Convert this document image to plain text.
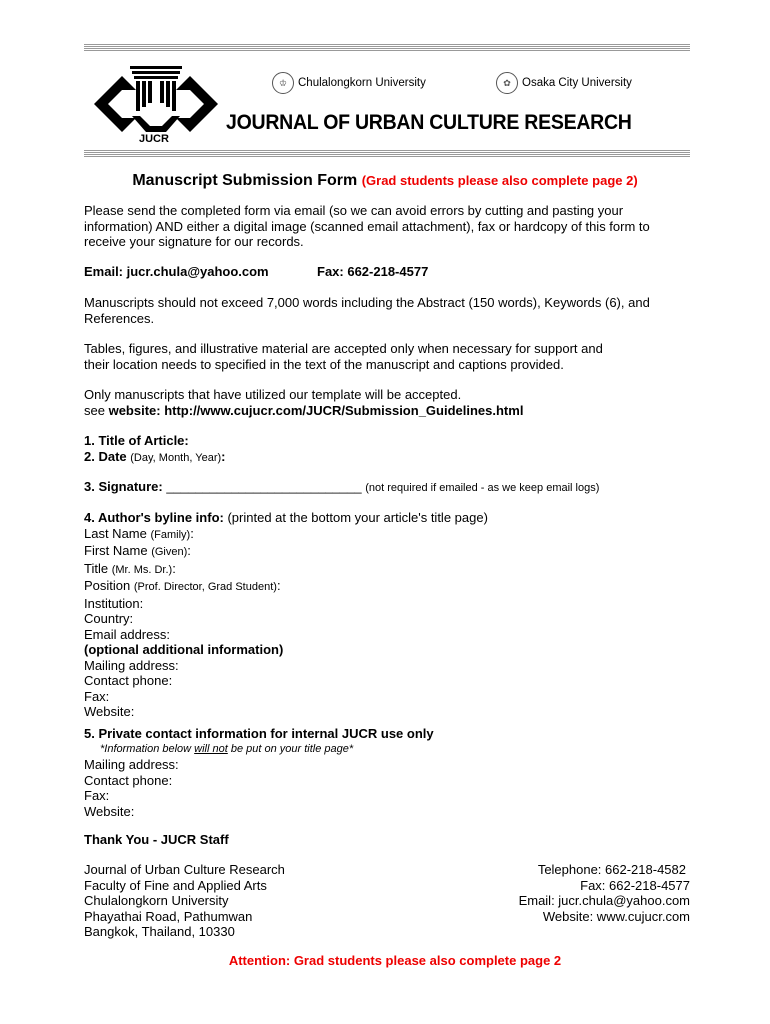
JUCR
♔ Chulalongkorn University	✿ Osaka City University
JOURNAL OF URBAN CULTURE RESEARCH
Manuscript Submission Form (Grad students please also complete page 2)
Please send the completed form via email (so we can avoid errors by cutting and pasting your
information) AND either a digital image (scanned email attachment), fax or hardcopy of this form to
receive your signature for our records.
Email: jucr.chula@yahoo.com	Fax: 662-218-4577
Manuscripts should not exceed 7,000 words including the Abstract (150 words), Keywords (6), and
References.
Tables, figures, and illustrative material are accepted only when necessary for support and
their location needs to specified in the text of the manuscript and captions provided.
Only manuscripts that have utilized our template will be accepted.
see website: http://www.cujucr.com/JUCR/Submission_Guidelines.html
1. Title of Article:
2. Date (Day, Month, Year):
3. Signature: ___________________________ (not required if emailed - as we keep email logs)
4. Author's byline info: (printed at the bottom your article's title page)
Last Name (Family):
First Name (Given):
Title (Mr. Ms. Dr.):
Position (Prof. Director, Grad Student):
Institution:
Country:
Email address:
(optional additional information)
Mailing address:
Contact phone:
Fax:
Website:
5. Private contact information for internal JUCR use only
*Information below will not be put on your title page*
Mailing address:
Contact phone:
Fax:
Website:
Thank You - JUCR Staff
Journal of Urban Culture Research
Faculty of Fine and Applied Arts
Chulalongkorn University
Phayathai Road, Pathumwan
Bangkok, Thailand, 10330
Telephone: 662-218-4582
Fax: 662-218-4577
Email: jucr.chula@yahoo.com
Website: www.cujucr.com
Attention: Grad students please also complete page 2
